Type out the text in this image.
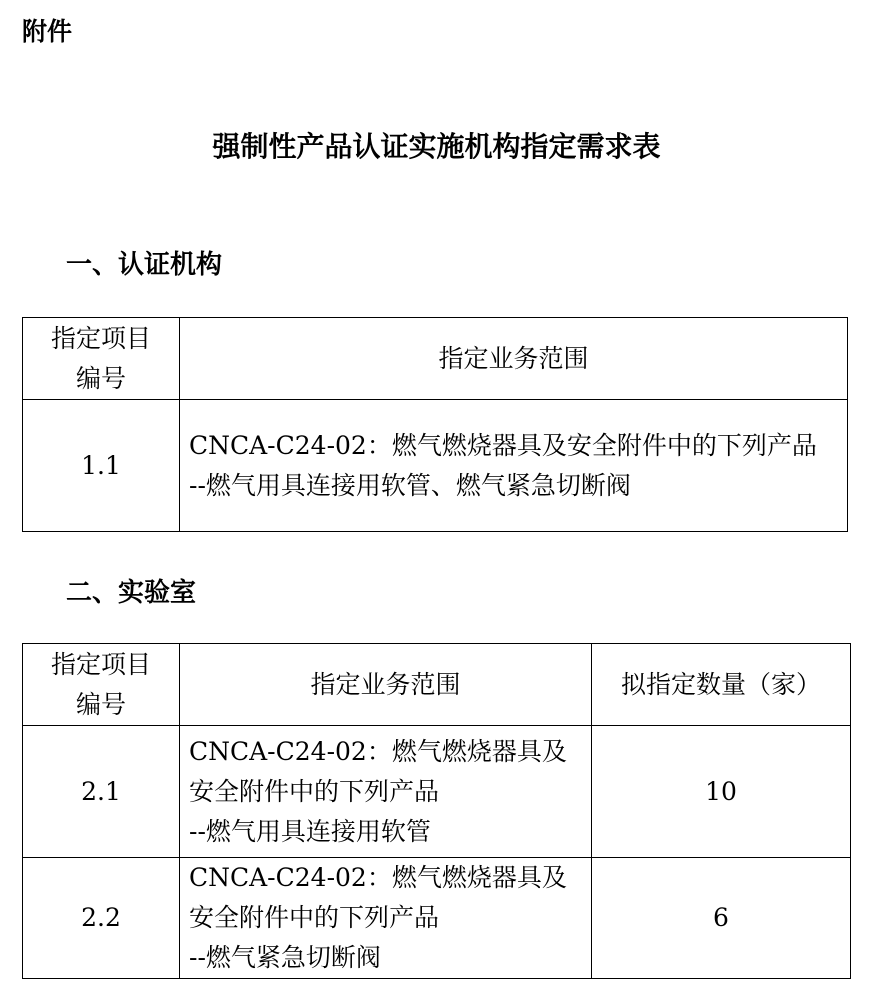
附件
强制性产品认证实施机构指定需求表
一、认证机构
指定项目
编号	指定业务范围
1.1	CNCA-C24-02：燃气燃烧器具及安全附件中的下列产品
--燃气用具连接用软管、燃气紧急切断阀
二、实验室
指定项目
编号	指定业务范围	拟指定数量（家）
2.1	CNCA-C24-02：燃气燃烧器具及
安全附件中的下列产品
--燃气用具连接用软管	10
2.2	CNCA-C24-02：燃气燃烧器具及
安全附件中的下列产品
--燃气紧急切断阀	6
